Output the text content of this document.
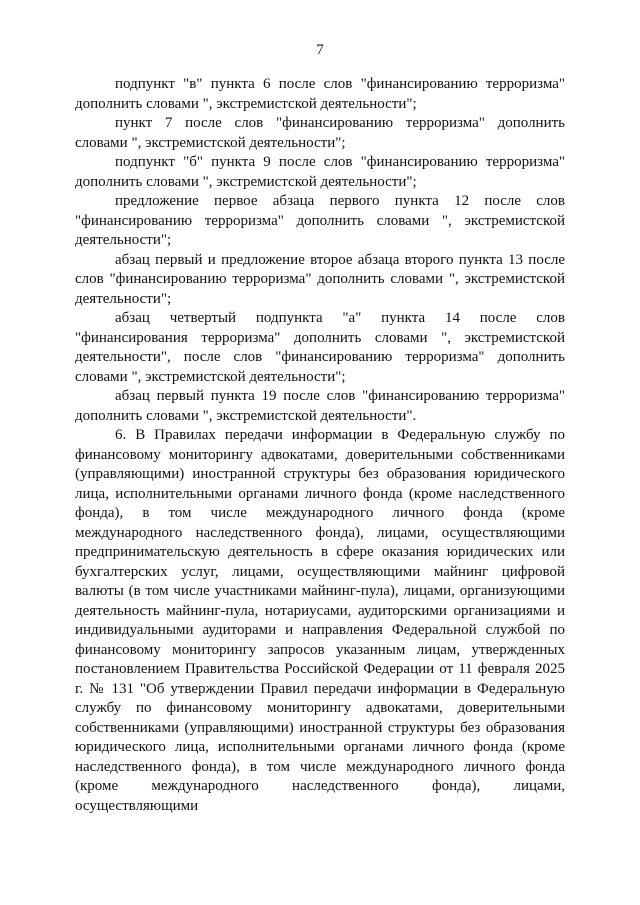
7

подпункт "в" пункта 6 после слов "финансированию терроризма" дополнить словами ", экстремистской деятельности";

пункт 7 после слов "финансированию терроризма" дополнить словами ", экстремистской деятельности";

подпункт "б" пункта 9 после слов "финансированию терроризма" дополнить словами ", экстремистской деятельности";

предложение первое абзаца первого пункта 12 после слов "финансированию терроризма" дополнить словами ", экстремистской деятельности";

абзац первый и предложение второе абзаца второго пункта 13 после слов "финансированию терроризма" дополнить словами ", экстремистской деятельности";

абзац четвертый подпункта "а" пункта 14 после слов "финансирования терроризма" дополнить словами ", экстремистской деятельности", после слов "финансированию терроризма" дополнить словами ", экстремистской деятельности";

абзац первый пункта 19 после слов "финансированию терроризма" дополнить словами ", экстремистской деятельности".

6. В Правилах передачи информации в Федеральную службу по финансовому мониторингу адвокатами, доверительными собственниками (управляющими) иностранной структуры без образования юридического лица, исполнительными органами личного фонда (кроме наследственного фонда), в том числе международного личного фонда (кроме международного наследственного фонда), лицами, осуществляющими предпринимательскую деятельность в сфере оказания юридических или бухгалтерских услуг, лицами, осуществляющими майнинг цифровой валюты (в том числе участниками майнинг-пула), лицами, организующими деятельность майнинг-пула, нотариусами, аудиторскими организациями и индивидуальными аудиторами и направления Федеральной службой по финансовому мониторингу запросов указанным лицам, утвержденных постановлением Правительства Российской Федерации от 11 февраля 2025 г. № 131 "Об утверждении Правил передачи информации в Федеральную службу по финансовому мониторингу адвокатами, доверительными собственниками (управляющими) иностранной структуры без образования юридического лица, исполнительными органами личного фонда (кроме наследственного фонда), в том числе международного личного фонда (кроме международного наследственного фонда), лицами, осуществляющими
